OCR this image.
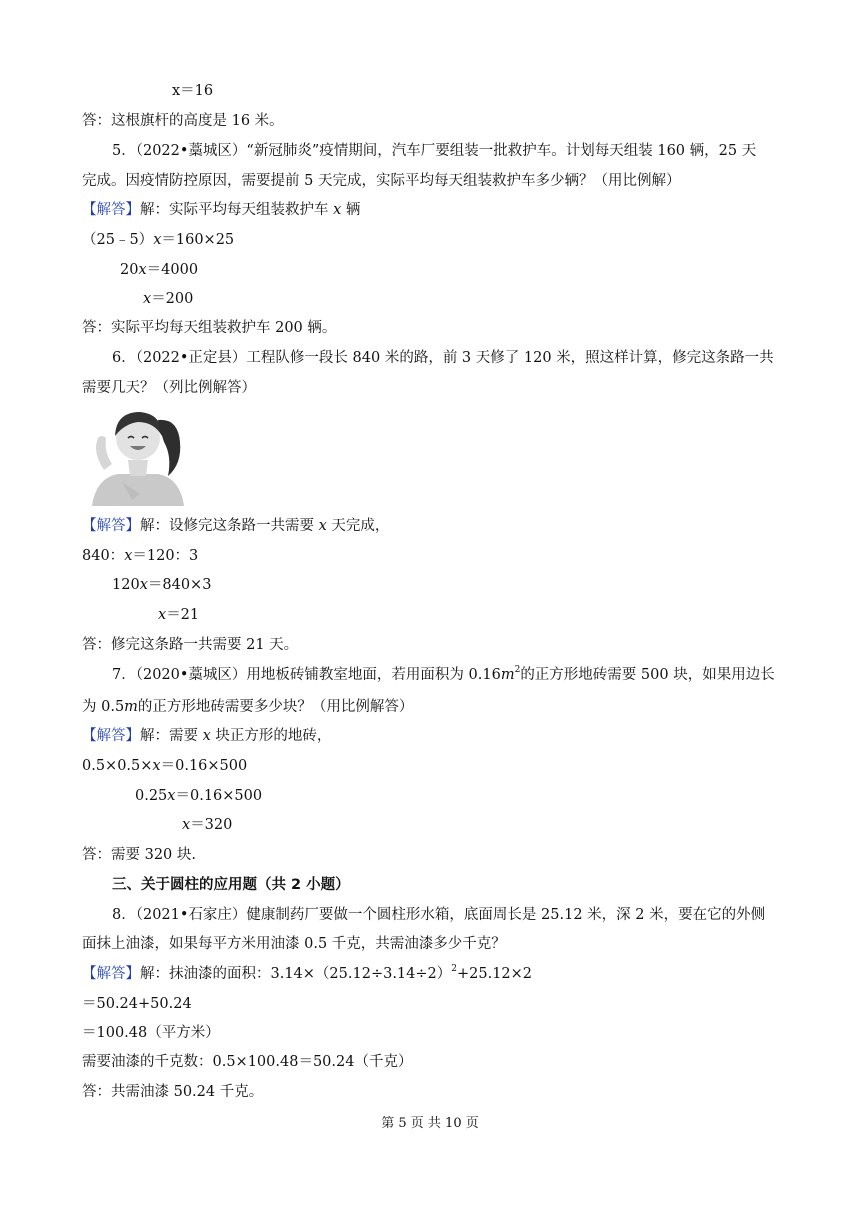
x＝16
答：这根旗杆的高度是 16 米。
5．（2022•藁城区）“新冠肺炎”疫情期间，汽车厂要组装一批救护车。计划每天组装 160 辆，25 天
完成。因疫情防控原因，需要提前 5 天完成，实际平均每天组装救护车多少辆？（用比例解）
【解答】解：实际平均每天组装救护车 x 辆
（25﹣5）x＝160×25
20x＝4000
x＝200
答：实际平均每天组装救护车 200 辆。
6．（2022•正定县）工程队修一段长 840 米的路，前 3 天修了 120 米，照这样计算，修完这条路一共
需要几天？（列比例解答）
【解答】解：设修完这条路一共需要 x 天完成，
840：x＝120：3
120x＝840×3
x＝21
答：修完这条路一共需要 21 天。
7．（2020•藁城区）用地板砖铺教室地面，若用面积为 $0.16m^2$的正方形地砖需要 500 块，如果用边长
为 0.5m的正方形地砖需要多少块？（用比例解答）
【解答】解：需要 x 块正方形的地砖，
0.5×0.5×x＝0.16×500
0.25x＝0.16×500
x＝320
答：需要 320 块.
三、关于圆柱的应用题（共 2 小题）
8．（2021•石家庄）健康制药厂要做一个圆柱形水箱，底面周长是 25.12 米，深 2 米，要在它的外侧
面抹上油漆，如果每平方米用油漆 0.5 千克，共需油漆多少千克？
【解答】解：抹油漆的面积：$3.14\times(25.12\div 3.14\div 2)^2+25.12\times 2$
＝50.24+50.24
＝100.48（平方米）
需要油漆的千克数：0.5×100.48＝50.24（千克）
答：共需油漆 50.24 千克。
第 5 页 共 10 页
